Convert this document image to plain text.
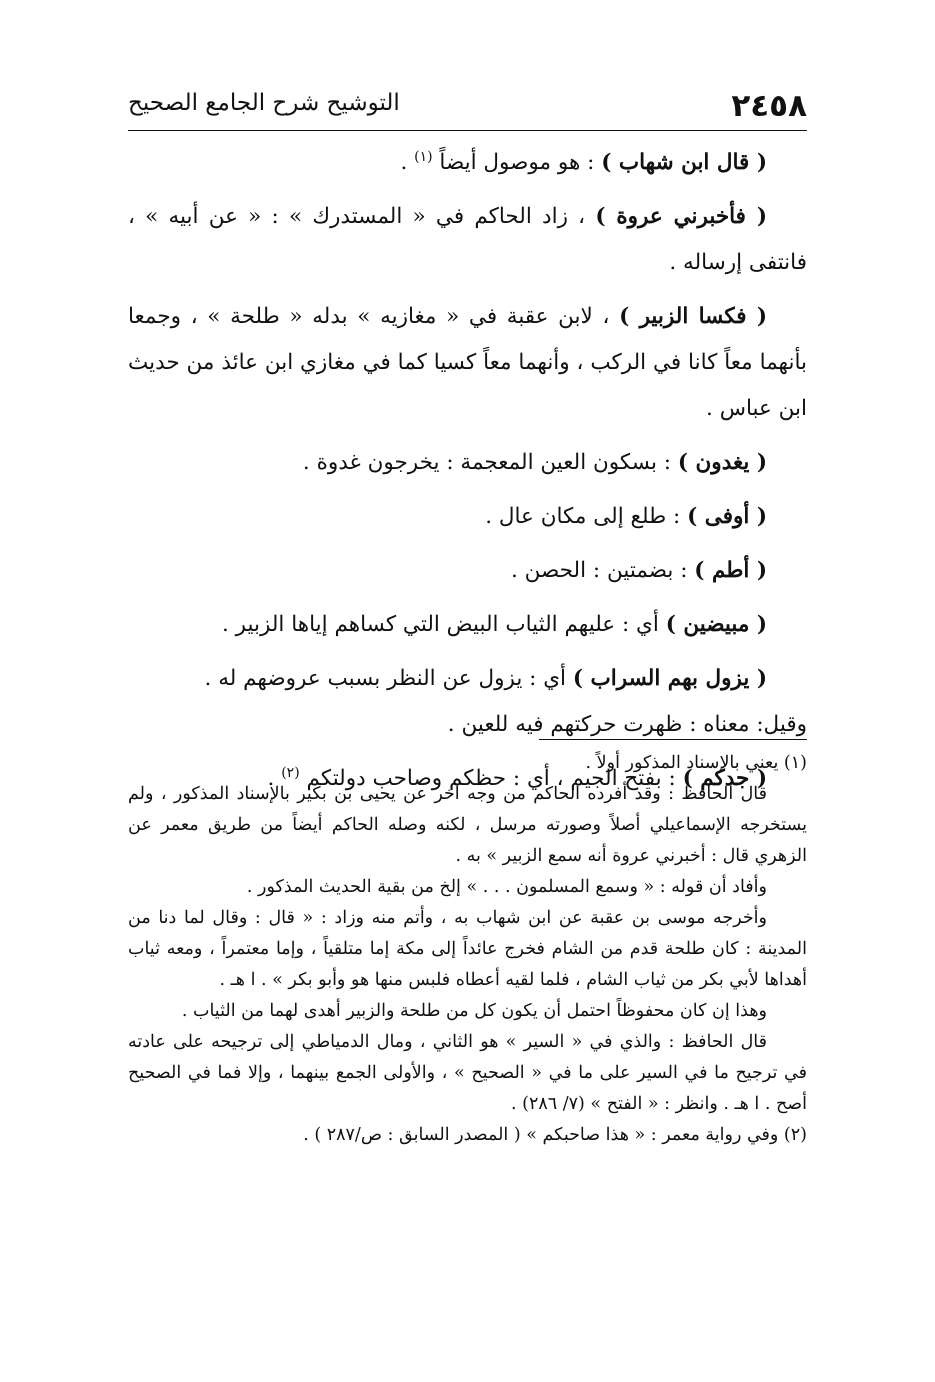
٢٤٥٨
التوشيح شرح الجامع الصحيح

( قال ابن شهاب ) : هو موصول أيضاً $^{(١)}$ .

( فأخبرني عروة ) ، زاد الحاكم في « المستدرك » : « عن أبيه » ، فانتفى إرساله .

( فكسا الزبير ) ، لابن عقبة في « مغازيه » بدله « طلحة » ، وجمعا بأنهما معاً كانا في الركب ، وأنهما معاً كسيا كما في مغازي ابن عائذ من حديث ابن عباس .

( يغدون ) : بسكون العين المعجمة : يخرجون غدوة .

( أوفى ) : طلع إلى مكان عال .

( أطم ) : بضمتين : الحصن .

( مبيضين ) أي : عليهم الثياب البيض التي كساهم إياها الزبير .

( يزول بهم السراب ) أي : يزول عن النظر بسبب عروضهم له .

وقيل: معناه : ظهرت حركتهم فيه للعين .

( جدكم ) : بفتح الجيم ، أي : حظكم وصاحب دولتكم $^{(٢)}$ .

(١) يعني بالإسناد المذكور أولاً .

قال الحافظ : وقد أفرده الحاكم من وجه آخر عن يحيى بن بكير بالإسناد المذكور ، ولم يستخرجه الإسماعيلي أصلاً وصورته مرسل ، لكنه وصله الحاكم أيضاً من طريق معمر عن الزهري قال : أخبرني عروة أنه سمع الزبير » به .

وأفاد أن قوله : « وسمع المسلمون . . . » إلخ من بقية الحديث المذكور .

وأخرجه موسى بن عقبة عن ابن شهاب به ، وأتم منه وزاد : « قال : وقال لما دنا من المدينة : كان طلحة قدم من الشام فخرج عائداً إلى مكة إما متلقياً ، وإما معتمراً ، ومعه ثياب أهداها لأبي بكر من ثياب الشام ، فلما لقيه أعطاه فلبس منها هو وأبو بكر » . ا هـ .

وهذا إن كان محفوظاً احتمل أن يكون كل من طلحة والزبير أهدى لهما من الثياب .

قال الحافظ : والذي في « السير » هو الثاني ، ومال الدمياطي إلى ترجيحه على عادته في ترجيح ما في السير على ما في « الصحيح » ، والأولى الجمع بينهما ، وإلا فما في الصحيح أصح . ا هـ . وانظر : « الفتح » (٧/ ٢٨٦) .

(٢) وفي رواية معمر : « هذا صاحبكم » ( المصدر السابق : ص/٢٨٧ ) .
